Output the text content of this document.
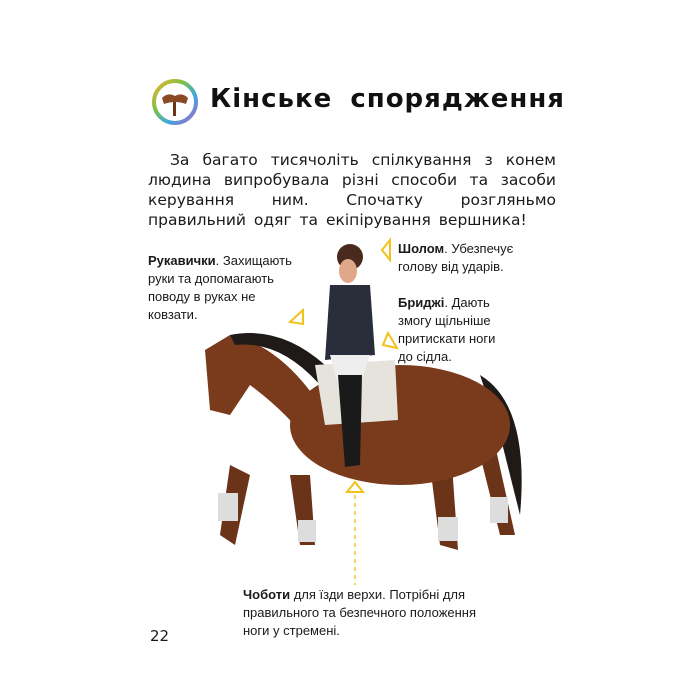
Кінське спорядження

За багато тисячоліть спілкування з конем людина випробувала різні способи та засоби керування ним. Спочатку розгляньмо правильний одяг та екіпірування вершника!

Рукавички. Захищають руки та допомагають поводу в руках не ковзати.
Шолом. Убезпечує голову від ударів.
Бриджі. Дають змогу щільніше притискати ноги до сідла.
Чоботи для їзди верхи. Потрібні для правильного та безпечного положення ноги у стремені.
22
